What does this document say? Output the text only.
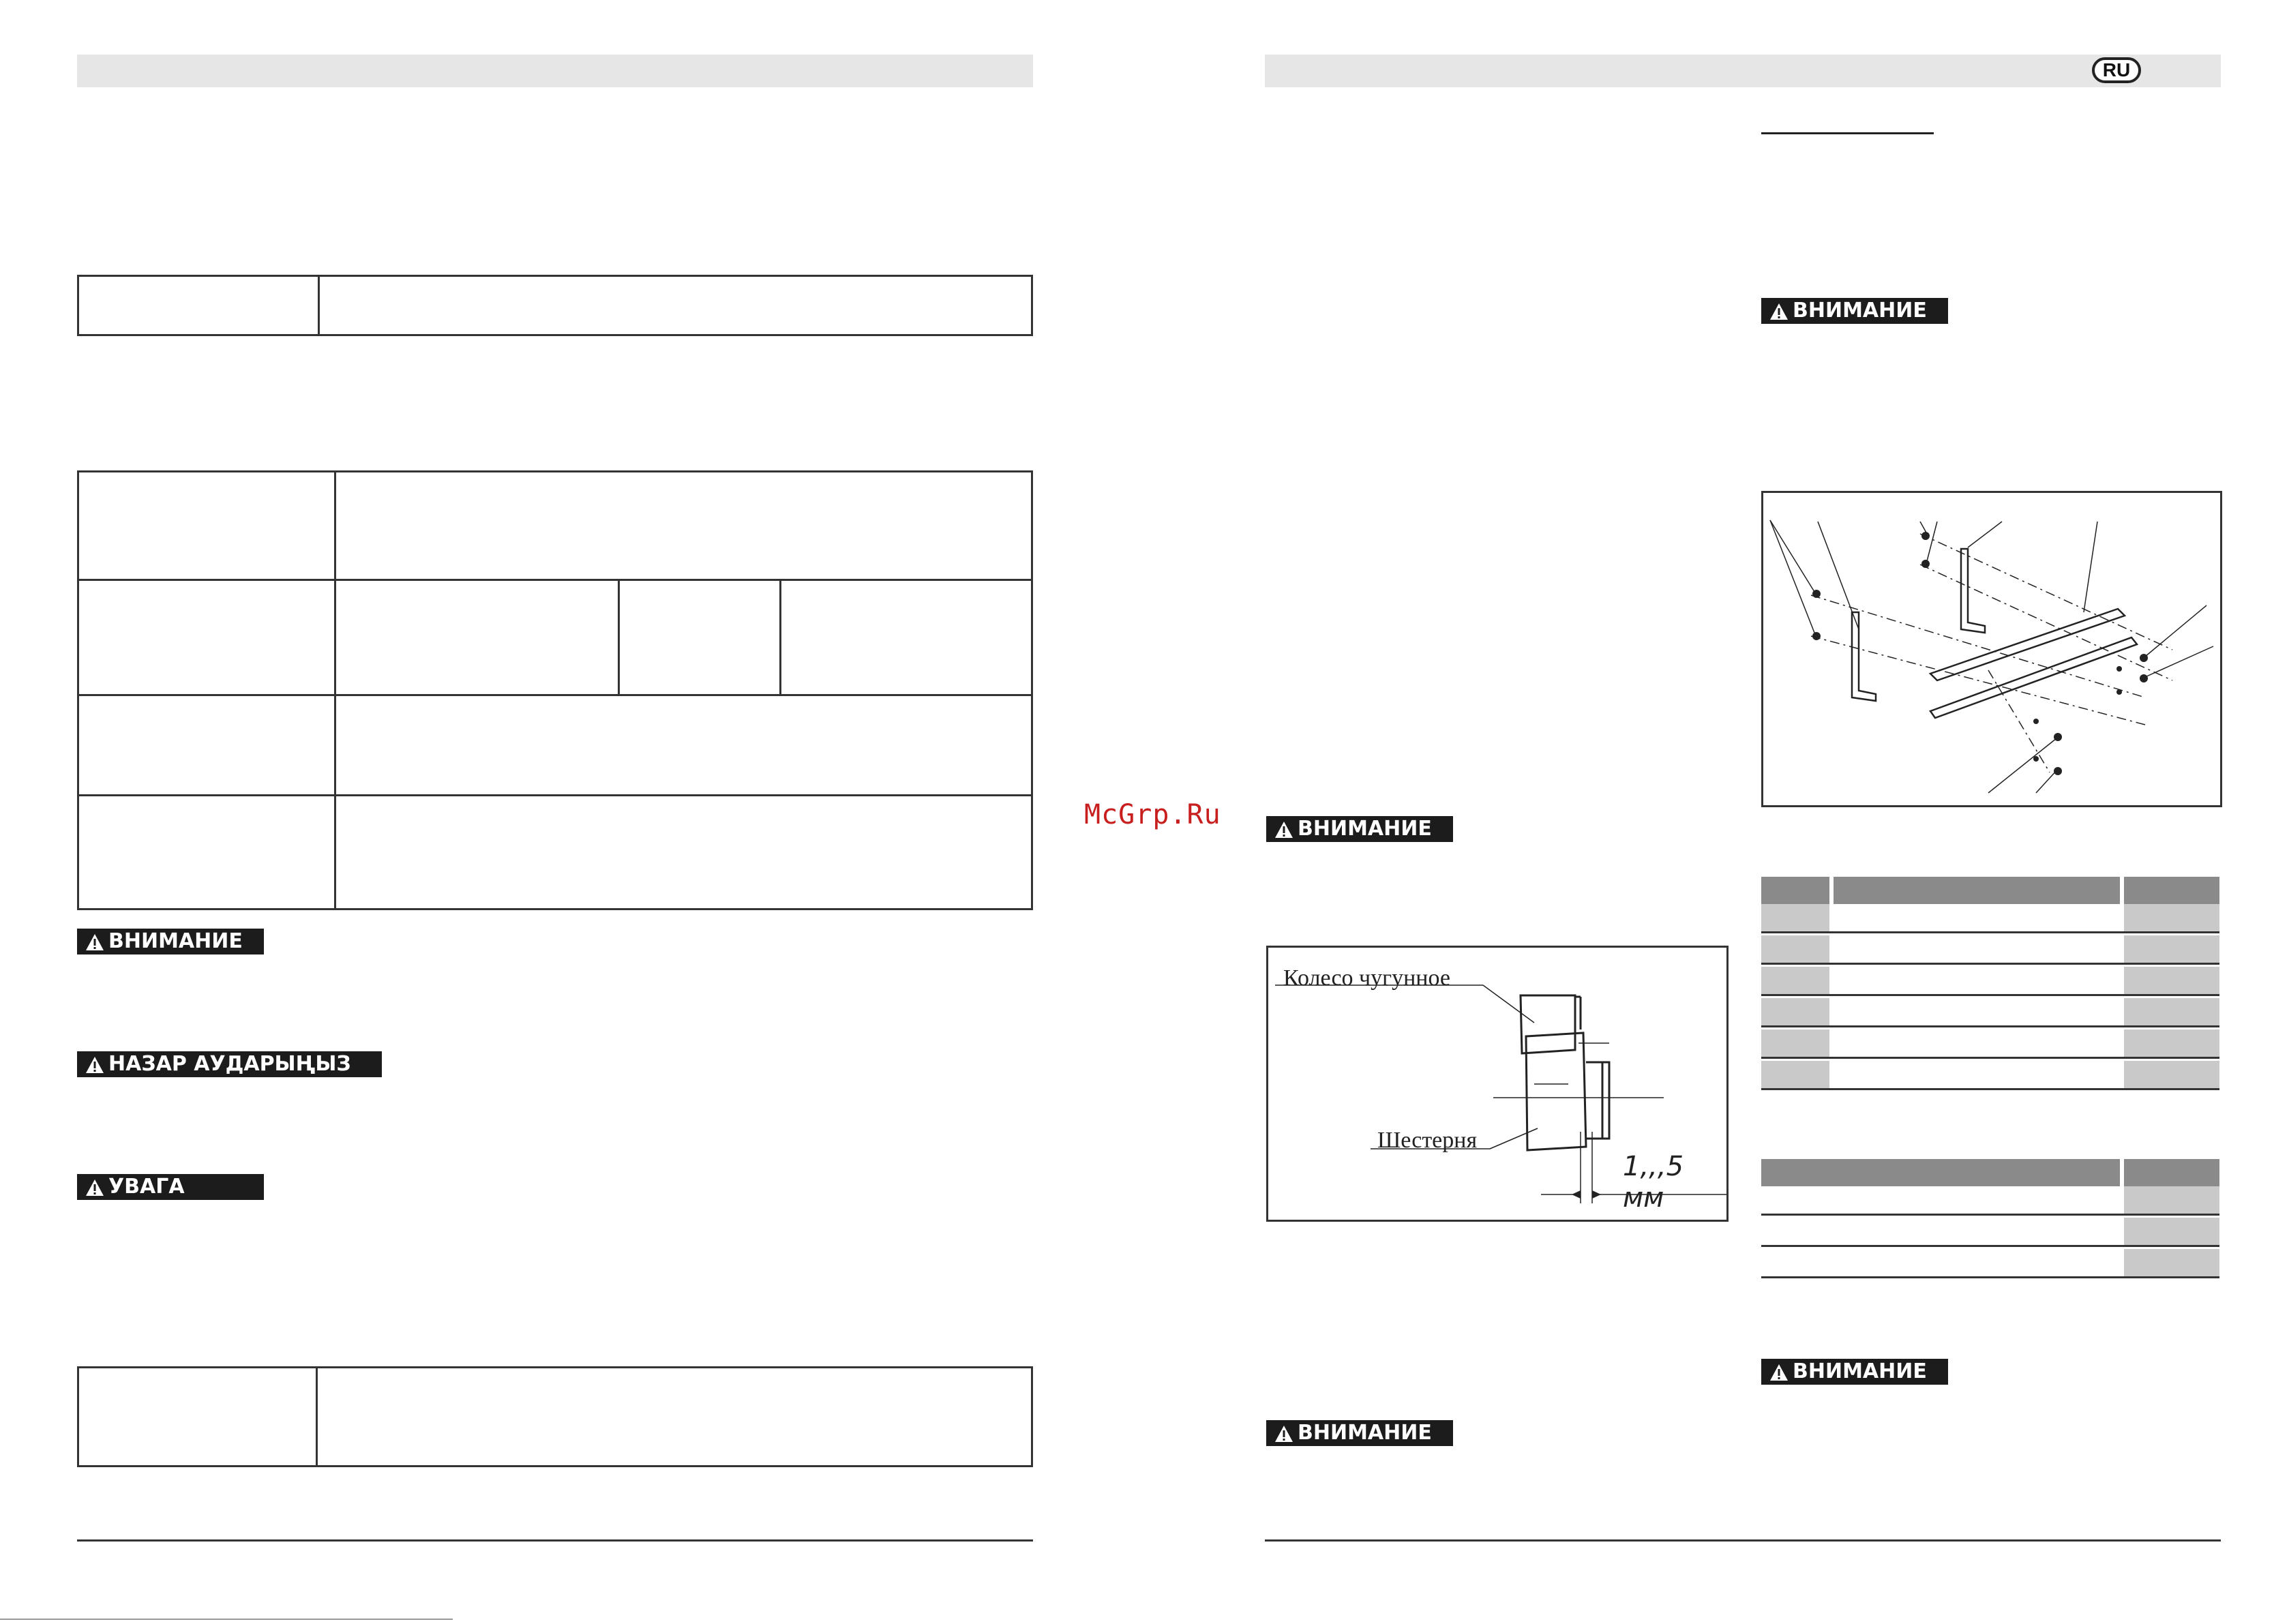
RU
ВНИМАНИЕ
НАЗАР АУДАРЫҢЫЗ
УВАГА
McGrp.Ru
ВНИМАНИЕ
ВНИМАНИЕ
ВНИМАНИЕ
Колесо чугунное
Шестерня
1,,,5 мм
ВНИМАНИЕ
